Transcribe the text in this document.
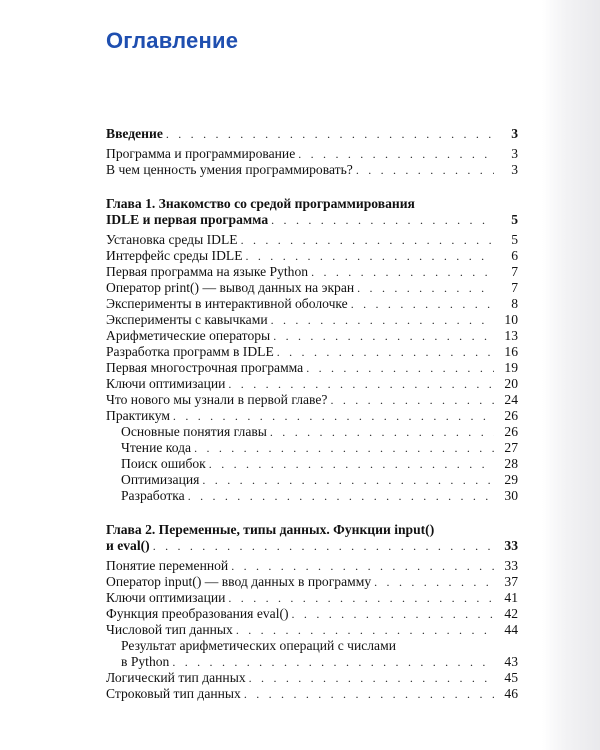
Оглавление
Введение . . .	3
Программа и программирование . . .	3
В чем ценность умения программировать? . . .	3
Глава 1. Знакомство со средой программирования
IDLE и первая программа . . .	5
Установка среды IDLE . . .	5
Интерфейс среды IDLE . . .	6
Первая программа на языке Python . . .	7
Оператор print() — вывод данных на экран . . .	7
Эксперименты в интерактивной оболочке . . .	8
Эксперименты с кавычками . . .	10
Арифметические операторы . . .	13
Разработка программ в IDLE . . .	16
Первая многострочная программа . . .	19
Ключи оптимизации . . .	20
Что нового мы узнали в первой главе? . . .	24
Практикум . . .	26
Основные понятия главы . . .	26
Чтение кода . . .	27
Поиск ошибок . . .	28
Оптимизация . . .	29
Разработка . . .	30
Глава 2. Переменные, типы данных. Функции input()
и eval() . . .	33
Понятие переменной . . .	33
Оператор input() — ввод данных в программу . . .	37
Ключи оптимизации . . .	41
Функция преобразования eval() . . .	42
Числовой тип данных . . .	44
Результат арифметических операций с числами
в Python . . .	43
Логический тип данных . . .	45
Строковый тип данных . . .	46
